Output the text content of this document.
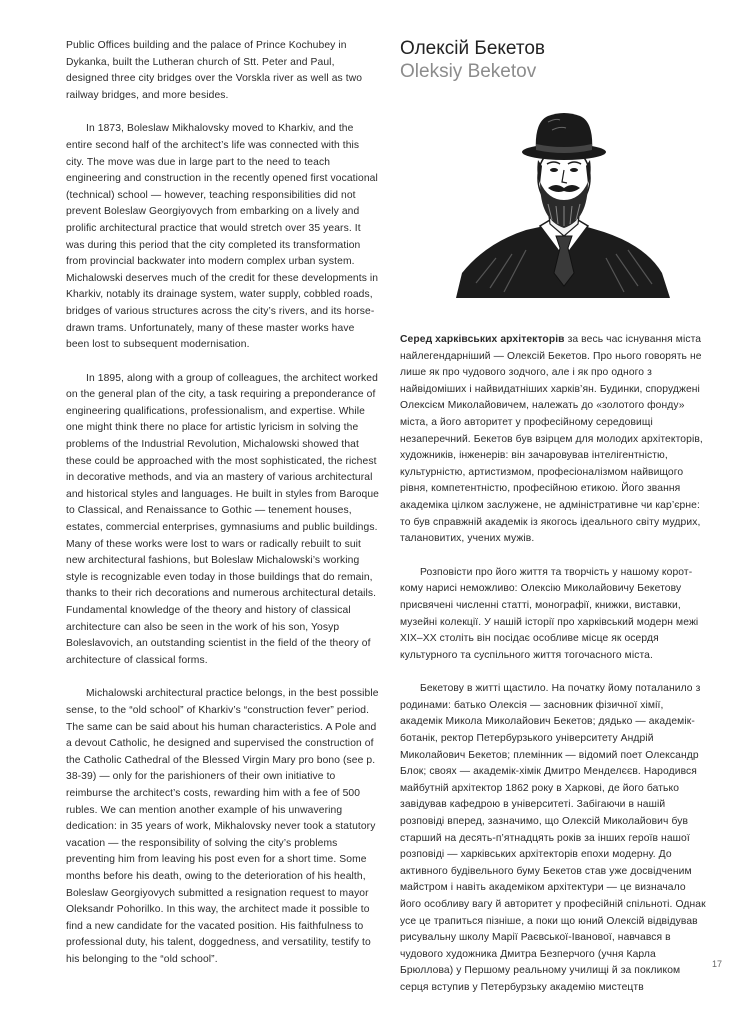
Public Offices building and the palace of Prince Kochubey in Dykanka, built the Lutheran church of Stt. Peter and Paul, designed three city bridges over the Vorskla river as well as two railway bridges, and more besides.

In 1873, Boleslaw Mikhalovsky moved to Kharkiv, and the entire second half of the architect’s life was connected with this city. The move was due in large part to the need to teach engineering and construction in the recently opened first vocational (technical) school — however, teaching responsibilities did not prevent Boleslaw Georgiyovych from embarking on a lively and prolific architectural practice that would stretch over 35 years. It was during this period that the city completed its transformation from provincial backwater into modern complex urban system. Michalowski deserves much of the credit for these developments in Kharkiv, notably its drainage system, water supply, cobbled roads, bridges of various structures across the city’s rivers, and its horse-drawn trams. Unfortunately, many of these master works have been lost to subsequent modernisation.

In 1895, along with a group of colleagues, the architect worked on the general plan of the city, a task requiring a preponderance of engineering qualifications, professionalism, and expertise. While one might think there no place for artistic lyricism in solving the problems of the Industrial Revolution, Michalowski showed that these could be approached with the most sophisticated, the richest in decorative methods, and via an mastery of various architectural and historical styles and languages. He built in styles from Baroque to Classical, and Renaissance to Gothic — tenement houses, estates, commercial enterprises, gymnasiums and public buildings. Many of these works were lost to wars or radically rebuilt to suit new architectural fashions, but Boleslaw Michalowski’s working style is recognizable even today in those buildings that do remain, thanks to their rich decorations and numerous architectural details. Fundamental knowledge of the theory and history of classical architecture can also be seen in the work of his son, Yosyp Boleslavovich, an outstanding scientist in the field of the theory of architecture of classical forms.

Michalowski architectural practice belongs, in the best possible sense, to the “old school” of Kharkiv’s “construction fever” period. The same can be said about his human characteristics. A Pole and a devout Catholic, he designed and supervised the construction of the Catholic Cathedral of the Blessed Virgin Mary pro bono (see p. 38-39) — only for the parishioners of their own initiative to reimburse the architect’s costs, rewarding him with a fee of 500 rubles. We can mention another example of his unwavering dedication: in 35 years of work, Mikhalovsky never took a statutory vacation — the responsibility of solving the city’s problems preventing him from leaving his post even for a short time. Some months before his death, owing to the deterioration of his health, Boleslaw Georgiyovych submitted a resignation request to mayor Oleksandr Pohorilko. In this way, the architect made it possible to find a new candidate for the vacated position. His faithfulness to professional duty, his talent, doggedness, and versatility, testify to his belonging to the “old school”.

Олексій Бекетов
Oleksiy Beketov

Серед харківських архітекторів за весь час існування міста найлегендарніший — Олексій Бекетов. Про нього говорять не лише як про чудового зодчого, але і як про одного з найвідоміших і найвидатніших харків’ян. Будинки, споруджені Олексієм Миколайовичем, належать до «золотого фонду» міста, а його авторитет у професійному середовищі незаперечний. Бекетов був взірцем для молодих архітекторів, художників, інженерів: він зачаровував інтелігентністю, культурністю, артистизмом, професіоналізмом найвищого рівня, компетентністю, професійною етикою. Його звання академіка цілком заслужене, не адміністративне чи кар’єрне: то був справжній академік із якогось ідеального світу мудрих, талановитих, учених мужів.

Розповісти про його життя та творчість у нашому короткому нарисі неможливо: Олексію Миколайовичу Бекетову присвячені численні статті, монографії, книжки, виставки, музейні колекції. У нашій історії про харківський модерн межі XIX–XX століть він посідає особливе місце як осердя культурного та суспільного життя тогочасного міста.

Бекетову в житті щастило. На початку йому поталанило з родинами: батько Олексія — засновник фізичної хімії, академік Микола Миколайович Бекетов; дядько — академік-ботанік, ректор Петербурзького університету Андрій Миколайович Бекетов; племінник — відомий поет Олександр Блок; своях — академік-хімік Дмитро Менделєєв. Народився майбутній архітектор 1862 року в Харкові, де його батько завідував кафедрою в університеті. Забігаючи в нашій розповіді вперед, зазначимо, що Олексій Миколайович був старший на десять-п’ятнадцять років за інших героїв нашої розповіді — харківських архітекторів епохи модерну. До активного будівельного буму Бекетов став уже досвідченим майстром і навіть академіком архітектури — це визначало його особливу вагу й авторитет у професійній спільноті. Однак усе це трапиться пізніше, а поки що юний Олексій відвідував рисувальну школу Марії Раєвської-Іванової, навчався в чудового художника Дмитра Безперчого (учня Карла Брюллова) у Першому реальному училищі й за покликом серця вступив у Петербурзьку академію мистецтв

17
